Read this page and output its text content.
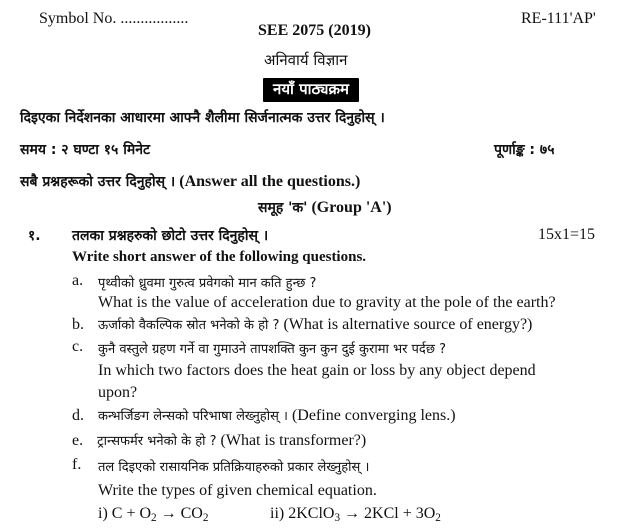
Symbol No. .................
SEE 2075 (2019)
RE-111'AP'
अनिवार्य विज्ञान
नयाँ पाठ्यक्रम
दिइएका निर्देशनका आधारमा आफ्नै शैलीमा सिर्जनात्मक उत्तर दिनुहोस् ।
समय : २ घण्टा १५ मिनेट	पूर्णाङ्क : ७५
सबै प्रश्नहरूको उत्तर दिनुहोस् । (Answer all the questions.)
समूह 'क' (Group 'A')
१. तलका प्रश्नहरुको छोटो उत्तर दिनुहोस् ।	15x1=15
Write short answer of the following questions.
a. पृथ्वीको ध्रुवमा गुरुत्व प्रवेगको मान कति हुन्छ ?
What is the value of acceleration due to gravity at the pole of the earth?
b. ऊर्जाको वैकल्पिक स्रोत भनेको के हो ? (What is alternative source of energy?)
c. कुनै वस्तुले ग्रहण गर्ने वा गुमाउने तापशक्ति कुन कुन दुई कुरामा भर पर्दछ ?
In which two factors does the heat gain or loss by any object depend
upon?
d. कन्भर्जिङग लेन्सको परिभाषा लेख्नुहोस् । (Define converging lens.)
e. ट्रान्सफर्मर भनेको के हो ? (What is transformer?)
f. तल दिइएको रासायनिक प्रतिक्रियाहरुको प्रकार लेख्नुहोस् ।
Write the types of given chemical equation.
i) $C + O_2 \to CO_2$	ii) 2KClO$_3$ → $2KCl + 3O_2$
